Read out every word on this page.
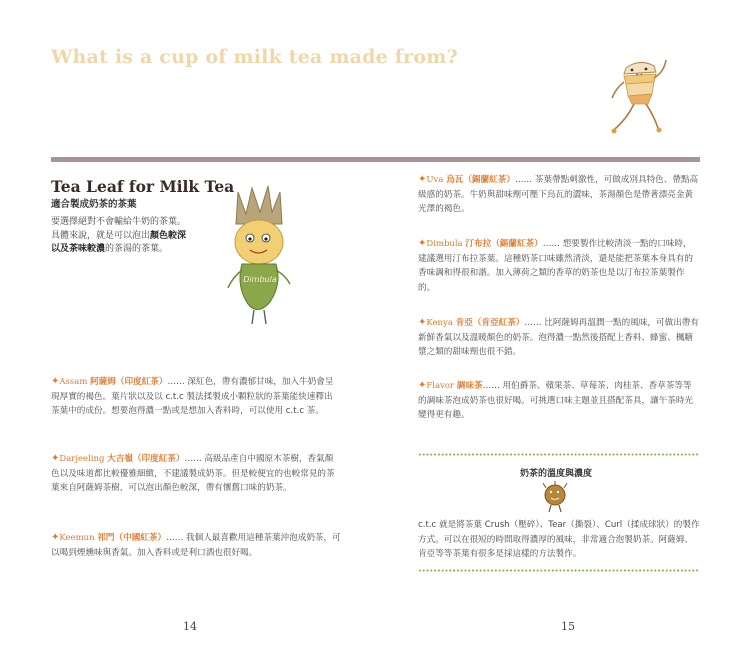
What is a cup of milk tea made from?
Tea Leaf for Milk Tea
適合製成奶茶的茶葉
要選擇絕對不會輸給牛奶的茶葉。
具體來說，就是可以泡出顏色較深
以及茶味較濃的茶湯的茶葉。
Dimbula
✦Assam 阿薩姆（印度紅茶）…… 深紅色，帶有濃郁甘味，加入牛奶會呈現厚實的褐色。葉片狀以及以 c.t.c 製法揉製成小顆粒狀的茶葉能快速釋出茶葉中的成份。想要泡得濃一點或是想加入香料時，可以使用 c.t.c 茶。
✦Darjeeling 大吉嶺（印度紅茶）…… 高級品產自中國原木茶樹，香氣顏色以及味道都比較優雅細緻，不建議製成奶茶。但是較便宜的也較常見的茶葉來自阿薩姆茶樹，可以泡出顏色較深，帶有懷舊口味的奶茶。
✦Keemun 祁門（中國紅茶）…… 我個人最喜歡用這種茶葉沖泡成奶茶，可以喝到煙燻味與香氣。加入香料或是利口酒也很好喝。
14
✦Uva 烏瓦（錫蘭紅茶）…… 茶葉帶點刺激性，可做成別具特色、帶點高級感的奶茶。牛奶與甜味劑可壓下烏瓦的澀味，茶湯顏色是帶著漂亮金黃光澤的褐色。
✦Dimbula 汀布拉（錫蘭紅茶）…… 想要製作比較清淡一點的口味時，建議選用汀布拉茶葉。這種奶茶口味雖然清淡，還是能把茶葉本身具有的香味調和得很和諧。加入薄荷之類的香草的奶茶也是以汀布拉茶葉製作的。
✦Kenya 肯亞（肯亞紅茶）…… 比阿薩姆再溫潤一點的風味，可做出帶有新鮮香氣以及溫暖顏色的奶茶。泡得濃一點然後搭配上香料、蜂蜜、楓糖漿之類的甜味劑也很不錯。
✦Flavor 調味茶…… 用伯爵茶、蘋果茶、草莓茶、肉桂茶、香草茶等等的調味茶泡成奶茶也很好喝。可挑選口味主題並且搭配茶具，讓午茶時光變得更有趣。
奶茶的溫度與濃度
c.t.c 就是將茶葉 Crush（壓碎）、Tear（撕裂）、Curl（揉成球狀）的製作方式。可以在很短的時間取得濃厚的風味，非常適合泡製奶茶。阿薩姆、肯亞等等茶葉有很多是採這樣的方法製作。
15
